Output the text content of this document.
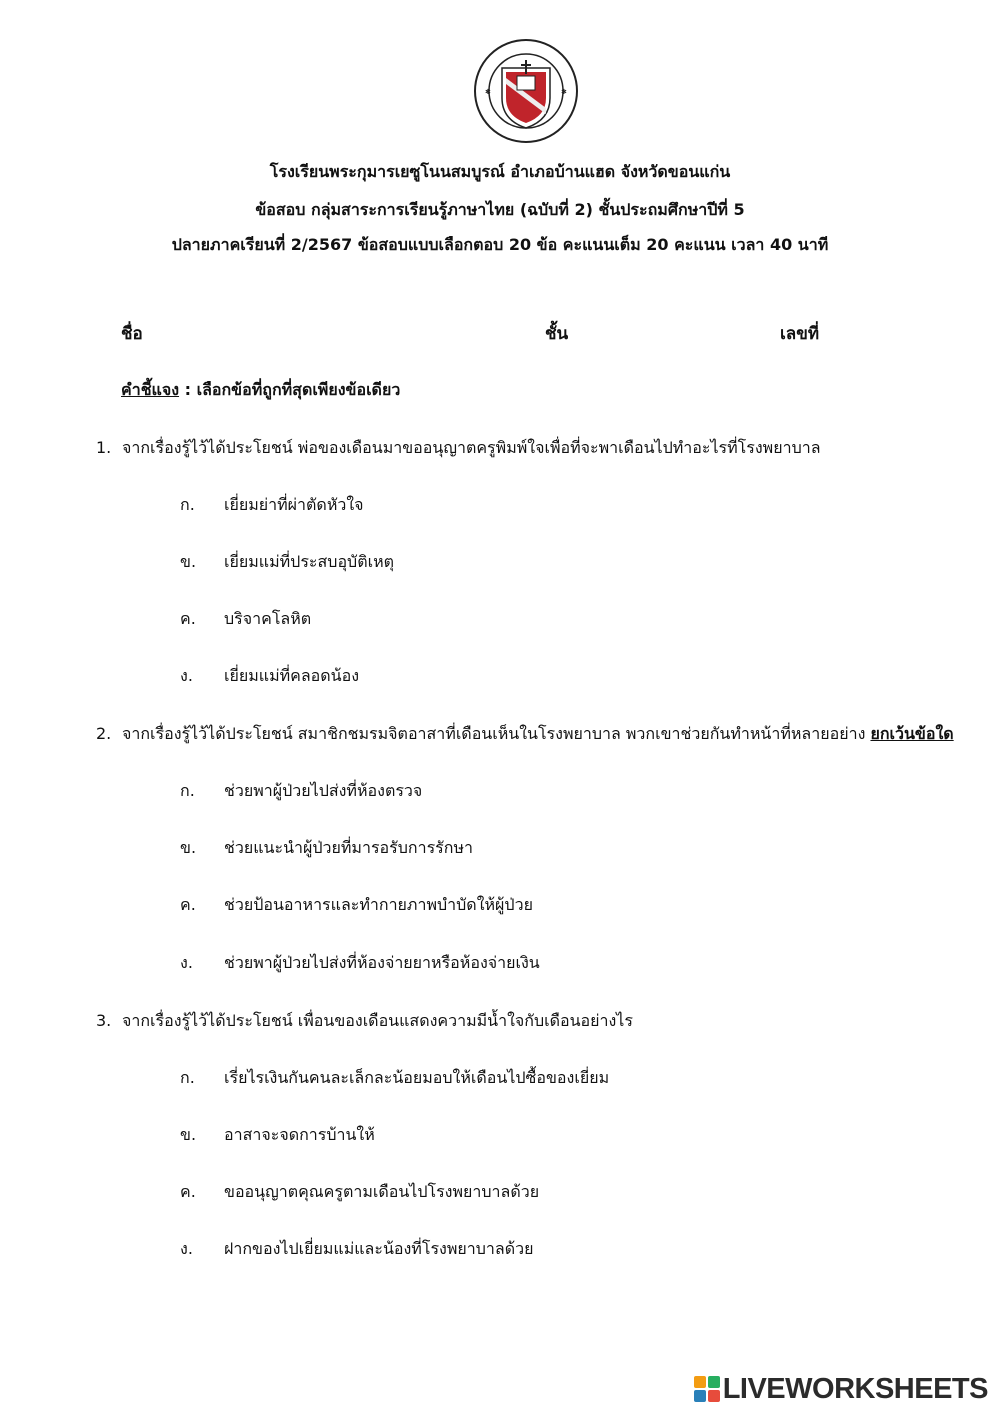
✱	✱
โรงเรียนพระกุมารเยซูโนนสมบูรณ์ อำเภอบ้านแฮด จังหวัดขอนแก่น
ข้อสอบ กลุ่มสาระการเรียนรู้ภาษาไทย (ฉบับที่ 2) ชั้นประถมศึกษาปีที่ 5
ปลายภาคเรียนที่ 2/2567 ข้อสอบแบบเลือกตอบ 20 ข้อ คะแนนเต็ม 20 คะแนน เวลา 40 นาที
ชื่อ	ชั้น	เลขที่
คำชี้แจง : เลือกข้อที่ถูกที่สุดเพียงข้อเดียว
1. จากเรื่องรู้ไว้ได้ประโยชน์ พ่อของเดือนมาขออนุญาตครูพิมพ์ใจเพื่อที่จะพาเดือนไปทำอะไรที่โรงพยาบาล
ก. เยี่ยมย่าที่ผ่าตัดหัวใจ
ข. เยี่ยมแม่ที่ประสบอุบัติเหตุ
ค. บริจาคโลหิต
ง. เยี่ยมแม่ที่คลอดน้อง
2. จากเรื่องรู้ไว้ได้ประโยชน์ สมาชิกชมรมจิตอาสาที่เดือนเห็นในโรงพยาบาล พวกเขาช่วยกันทำหน้าที่หลายอย่าง ยกเว้นข้อใด
ก. ช่วยพาผู้ป่วยไปส่งที่ห้องตรวจ
ข. ช่วยแนะนำผู้ป่วยที่มารอรับการรักษา
ค. ช่วยป้อนอาหารและทำกายภาพบำบัดให้ผู้ป่วย
ง. ช่วยพาผู้ป่วยไปส่งที่ห้องจ่ายยาหรือห้องจ่ายเงิน
3. จากเรื่องรู้ไว้ได้ประโยชน์ เพื่อนของเดือนแสดงความมีน้ำใจกับเดือนอย่างไร
ก. เรี่ยไรเงินกันคนละเล็กละน้อยมอบให้เดือนไปซื้อของเยี่ยม
ข. อาสาจะจดการบ้านให้
ค. ขออนุญาตคุณครูตามเดือนไปโรงพยาบาลด้วย
ง. ฝากของไปเยี่ยมแม่และน้องที่โรงพยาบาลด้วย
LIVEWORKSHEETS
